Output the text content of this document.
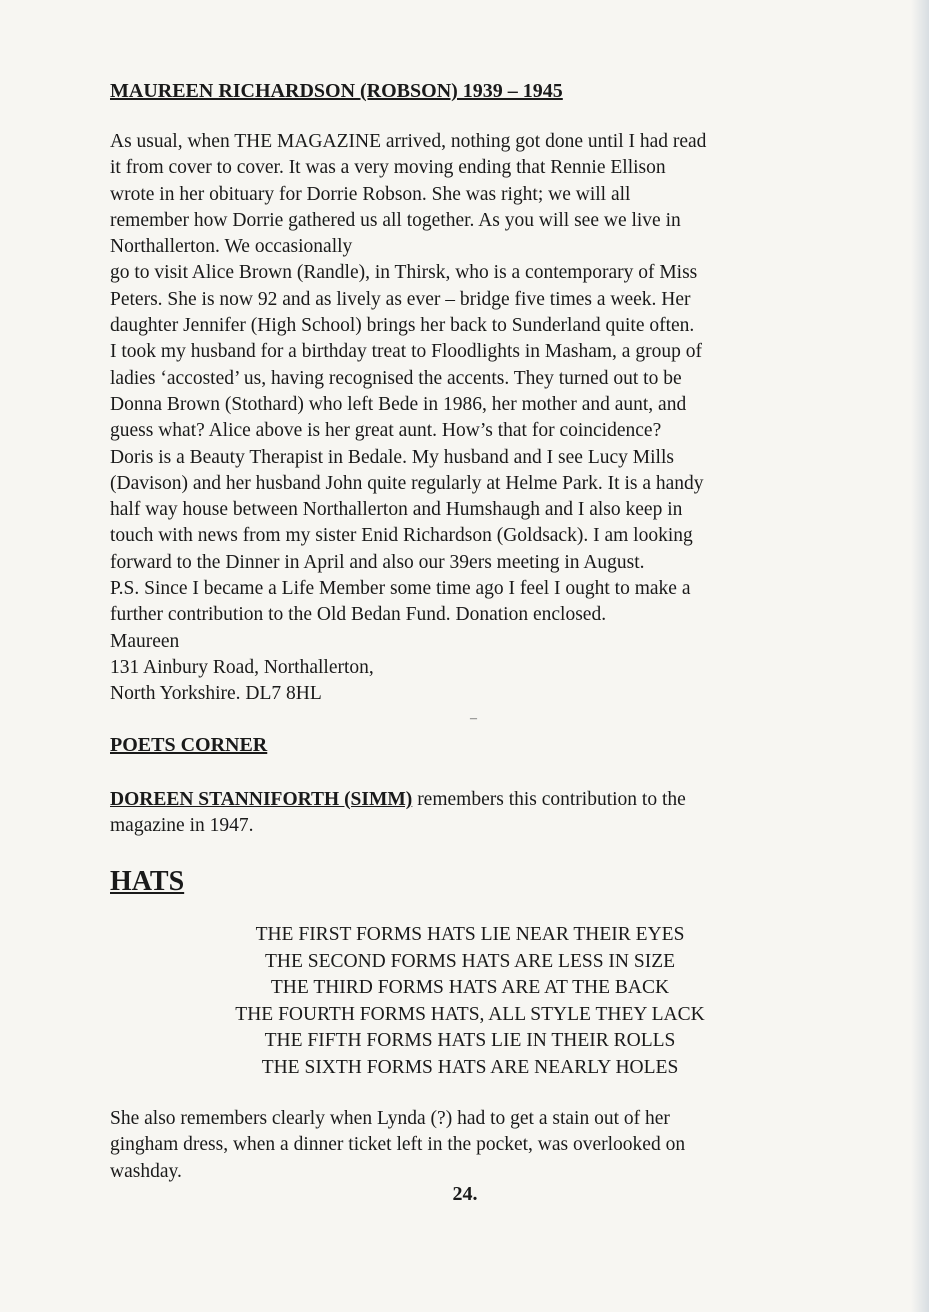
MAUREEN RICHARDSON (ROBSON) 1939 – 1945

As usual, when THE MAGAZINE arrived, nothing got done until I had read
it from cover to cover. It was a very moving ending that Rennie Ellison
wrote in her obituary for Dorrie Robson. She was right; we will all
remember how Dorrie gathered us all together. As you will see we live in
Northallerton. We occasionally
go to visit Alice Brown (Randle), in Thirsk, who is a contemporary of Miss
Peters. She is now 92 and as lively as ever – bridge five times a week. Her
daughter Jennifer (High School) brings her back to Sunderland quite often.
I took my husband for a birthday treat to Floodlights in Masham, a group of
ladies ‘accosted’ us, having recognised the accents. They turned out to be
Donna Brown (Stothard) who left Bede in 1986, her mother and aunt, and
guess what? Alice above is her great aunt. How’s that for coincidence?
Doris is a Beauty Therapist in Bedale. My husband and I see Lucy Mills
(Davison) and her husband John quite regularly at Helme Park. It is a handy
half way house between Northallerton and Humshaugh and I also keep in
touch with news from my sister Enid Richardson (Goldsack). I am looking
forward to the Dinner in April and also our 39ers meeting in August.
P.S. Since I became a Life Member some time ago I feel I ought to make a
further contribution to the Old Bedan Fund. Donation enclosed.
Maureen
131 Ainbury Road, Northallerton,
North Yorkshire. DL7 8HL

–
POETS CORNER

DOREEN STANNIFORTH (SIMM) remembers this contribution to the
magazine in 1947.

HATS

THE FIRST FORMS HATS LIE NEAR THEIR EYES
THE SECOND FORMS HATS ARE LESS IN SIZE
THE THIRD FORMS HATS ARE AT THE BACK
THE FOURTH FORMS HATS, ALL STYLE THEY LACK
THE FIFTH FORMS HATS LIE IN THEIR ROLLS
THE SIXTH FORMS HATS ARE NEARLY HOLES

She also remembers clearly when Lynda (?) had to get a stain out of her
gingham dress, when a dinner ticket left in the pocket, was overlooked on
washday.

24.
